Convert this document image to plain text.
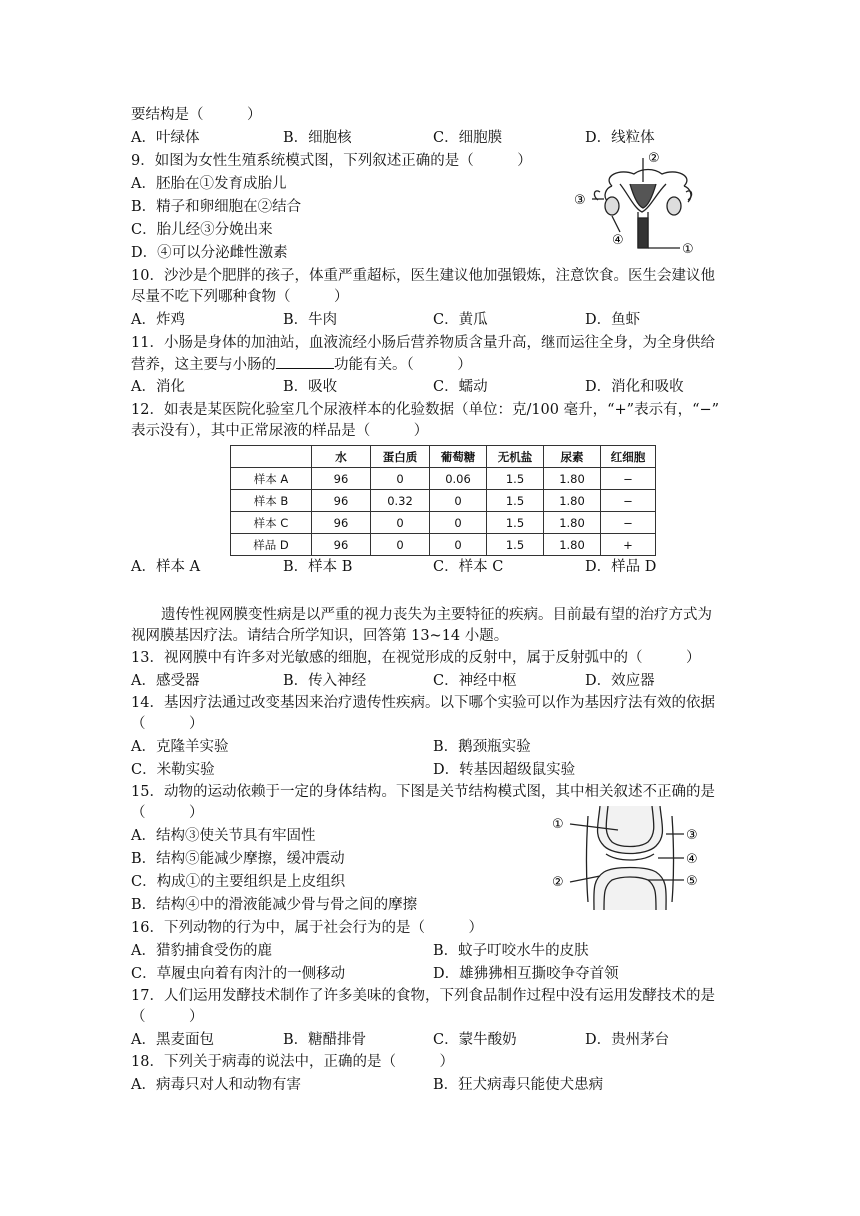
要结构是（　　　）
A．叶绿体	B．细胞核	C．细胞膜	D．线粒体
9．如图为女性生殖系统模式图，下列叙述正确的是（　　　）
A．胚胎在①发育成胎儿
B．精子和卵细胞在②结合
C．胎儿经③分娩出来
D．④可以分泌雌性激素
②
③
④
①
10．沙沙是个肥胖的孩子，体重严重超标，医生建议他加强锻炼，注意饮食。医生会建议他
尽量不吃下列哪种食物（　　　）
A．炸鸡	B．牛肉	C．黄瓜	D．鱼虾
11．小肠是身体的加油站，血液流经小肠后营养物质含量升高，继而运往全身，为全身供给
营养，这主要与小肠的	功能有关。（　　　）
A．消化	B．吸收	C．蠕动	D．消化和吸收
12．如表是某医院化验室几个尿液样本的化验数据（单位：克/100 毫升，“+”表示有，“−”
表示没有），其中正常尿液的样品是（　　　）
	水	蛋白质	葡萄糖	无机盐	尿素	红细胞
样本 A	96	0	0.06	1.5	1.80	−
样本 B	96	0.32	0	1.5	1.80	−
样本 C	96	0	0	1.5	1.80	−
样品 D	96	0	0	1.5	1.80	+
A．样本 A	B．样本 B	C．样本 C	D．样品 D
遗传性视网膜变性病是以严重的视力丧失为主要特征的疾病。目前最有望的治疗方式为
视网膜基因疗法。请结合所学知识，回答第 13~14 小题。
13．视网膜中有许多对光敏感的细胞，在视觉形成的反射中，属于反射弧中的（　　　）
A．感受器	B．传入神经	C．神经中枢	D．效应器
14．基因疗法通过改变基因来治疗遗传性疾病。以下哪个实验可以作为基因疗法有效的依据
（　　　）
A．克隆羊实验	B．鹅颈瓶实验
C．米勒实验	D．转基因超级鼠实验
15．动物的运动依赖于一定的身体结构。下图是关节结构模式图，其中相关叙述不正确的是
（　　　）
A．结构③使关节具有牢固性
B．结构⑤能减少摩擦，缓冲震动
C．构成①的主要组织是上皮组织
B．结构④中的滑液能减少骨与骨之间的摩擦
①
②
③
④
⑤
16．下列动物的行为中，属于社会行为的是（　　　）
A．猎豹捕食受伤的鹿	B．蚊子叮咬水牛的皮肤
C．草履虫向着有肉汁的一侧移动	D．雄狒狒相互撕咬争夺首领
17．人们运用发酵技术制作了许多美味的食物，下列食品制作过程中没有运用发酵技术的是
（　　　）
A．黑麦面包	B．糖醋排骨	C．蒙牛酸奶	D．贵州茅台
18．下列关于病毒的说法中，正确的是（　　　）
A．病毒只对人和动物有害	B．狂犬病毒只能使犬患病
